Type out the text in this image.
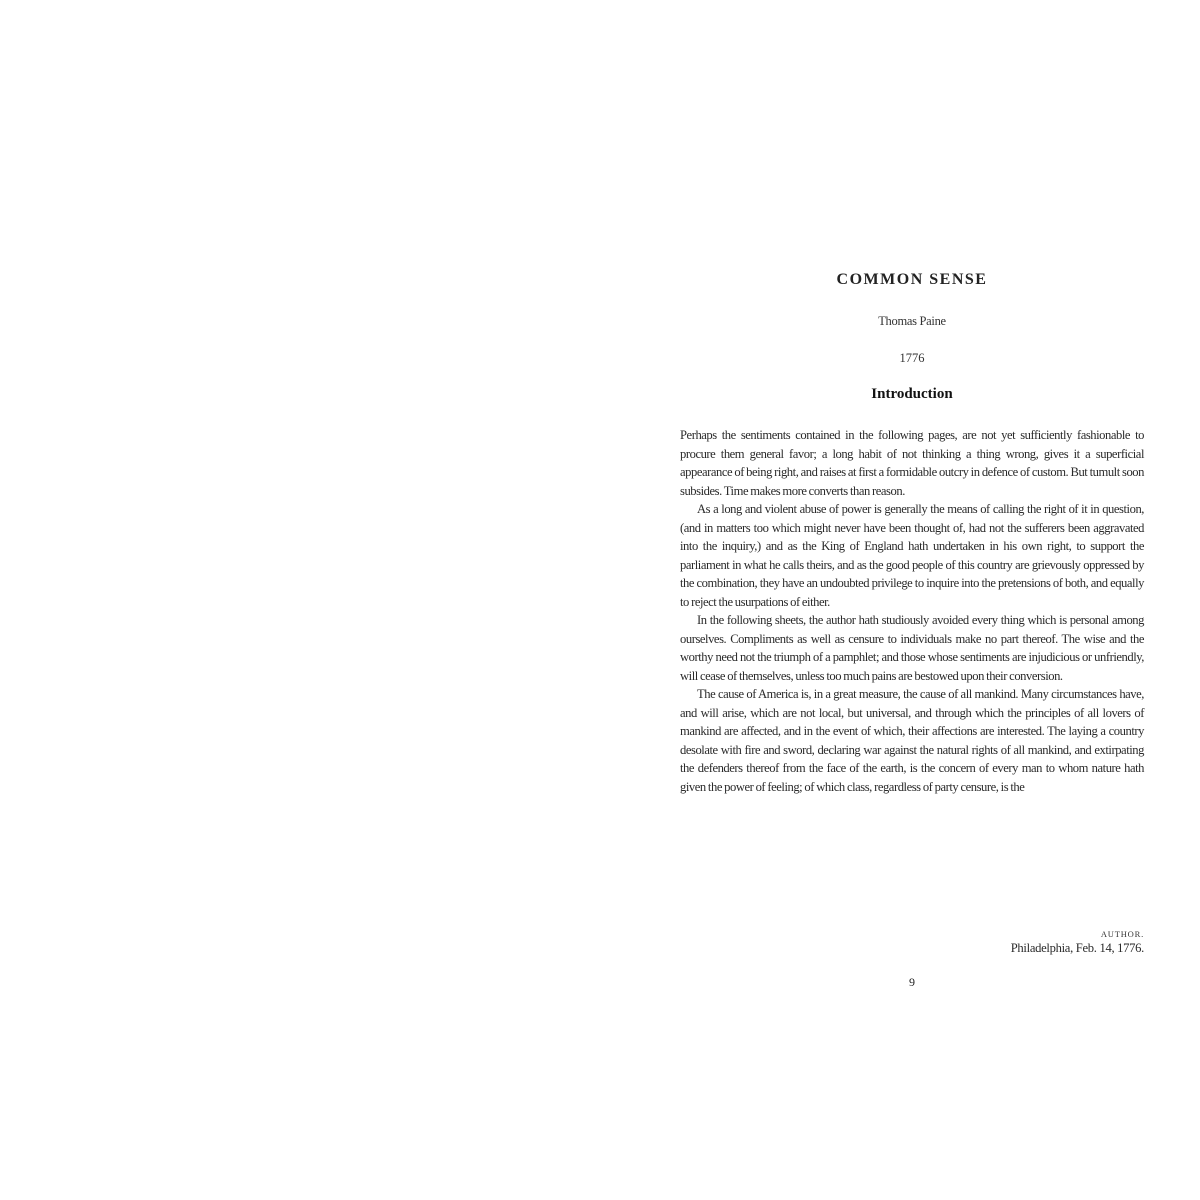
COMMON SENSE
Thomas Paine
1776
Introduction

Perhaps the sentiments contained in the following pages, are not yet sufficiently fashionable to procure them general favor; a long habit of not thinking a thing wrong, gives it a superficial appearance of being right, and raises at first a formidable outcry in defence of custom. But tumult soon subsides. Time makes more converts than reason.

As a long and violent abuse of power is generally the means of calling the right of it in question, (and in matters too which might never have been thought of, had not the sufferers been aggravated into the inquiry,) and as the King of England hath undertaken in his own right, to support the parliament in what he calls theirs, and as the good people of this country are grievously oppressed by the combination, they have an undoubted privilege to inquire into the pretensions of both, and equally to reject the usurpations of either.

In the following sheets, the author hath studiously avoided every thing which is personal among ourselves. Compliments as well as censure to individuals make no part thereof. The wise and the worthy need not the triumph of a pamphlet; and those whose sentiments are injudicious or unfriendly, will cease of themselves, unless too much pains are bestowed upon their conversion.

The cause of America is, in a great measure, the cause of all mankind. Many circumstances have, and will arise, which are not local, but universal, and through which the principles of all lovers of mankind are affected, and in the event of which, their affections are interested. The laying a country desolate with fire and sword, declaring war against the natural rights of all mankind, and extirpating the defenders thereof from the face of the earth, is the concern of every man to whom nature hath given the power of feeling; of which class, regardless of party censure, is the

AUTHOR.
Philadelphia, Feb. 14, 1776.
9
